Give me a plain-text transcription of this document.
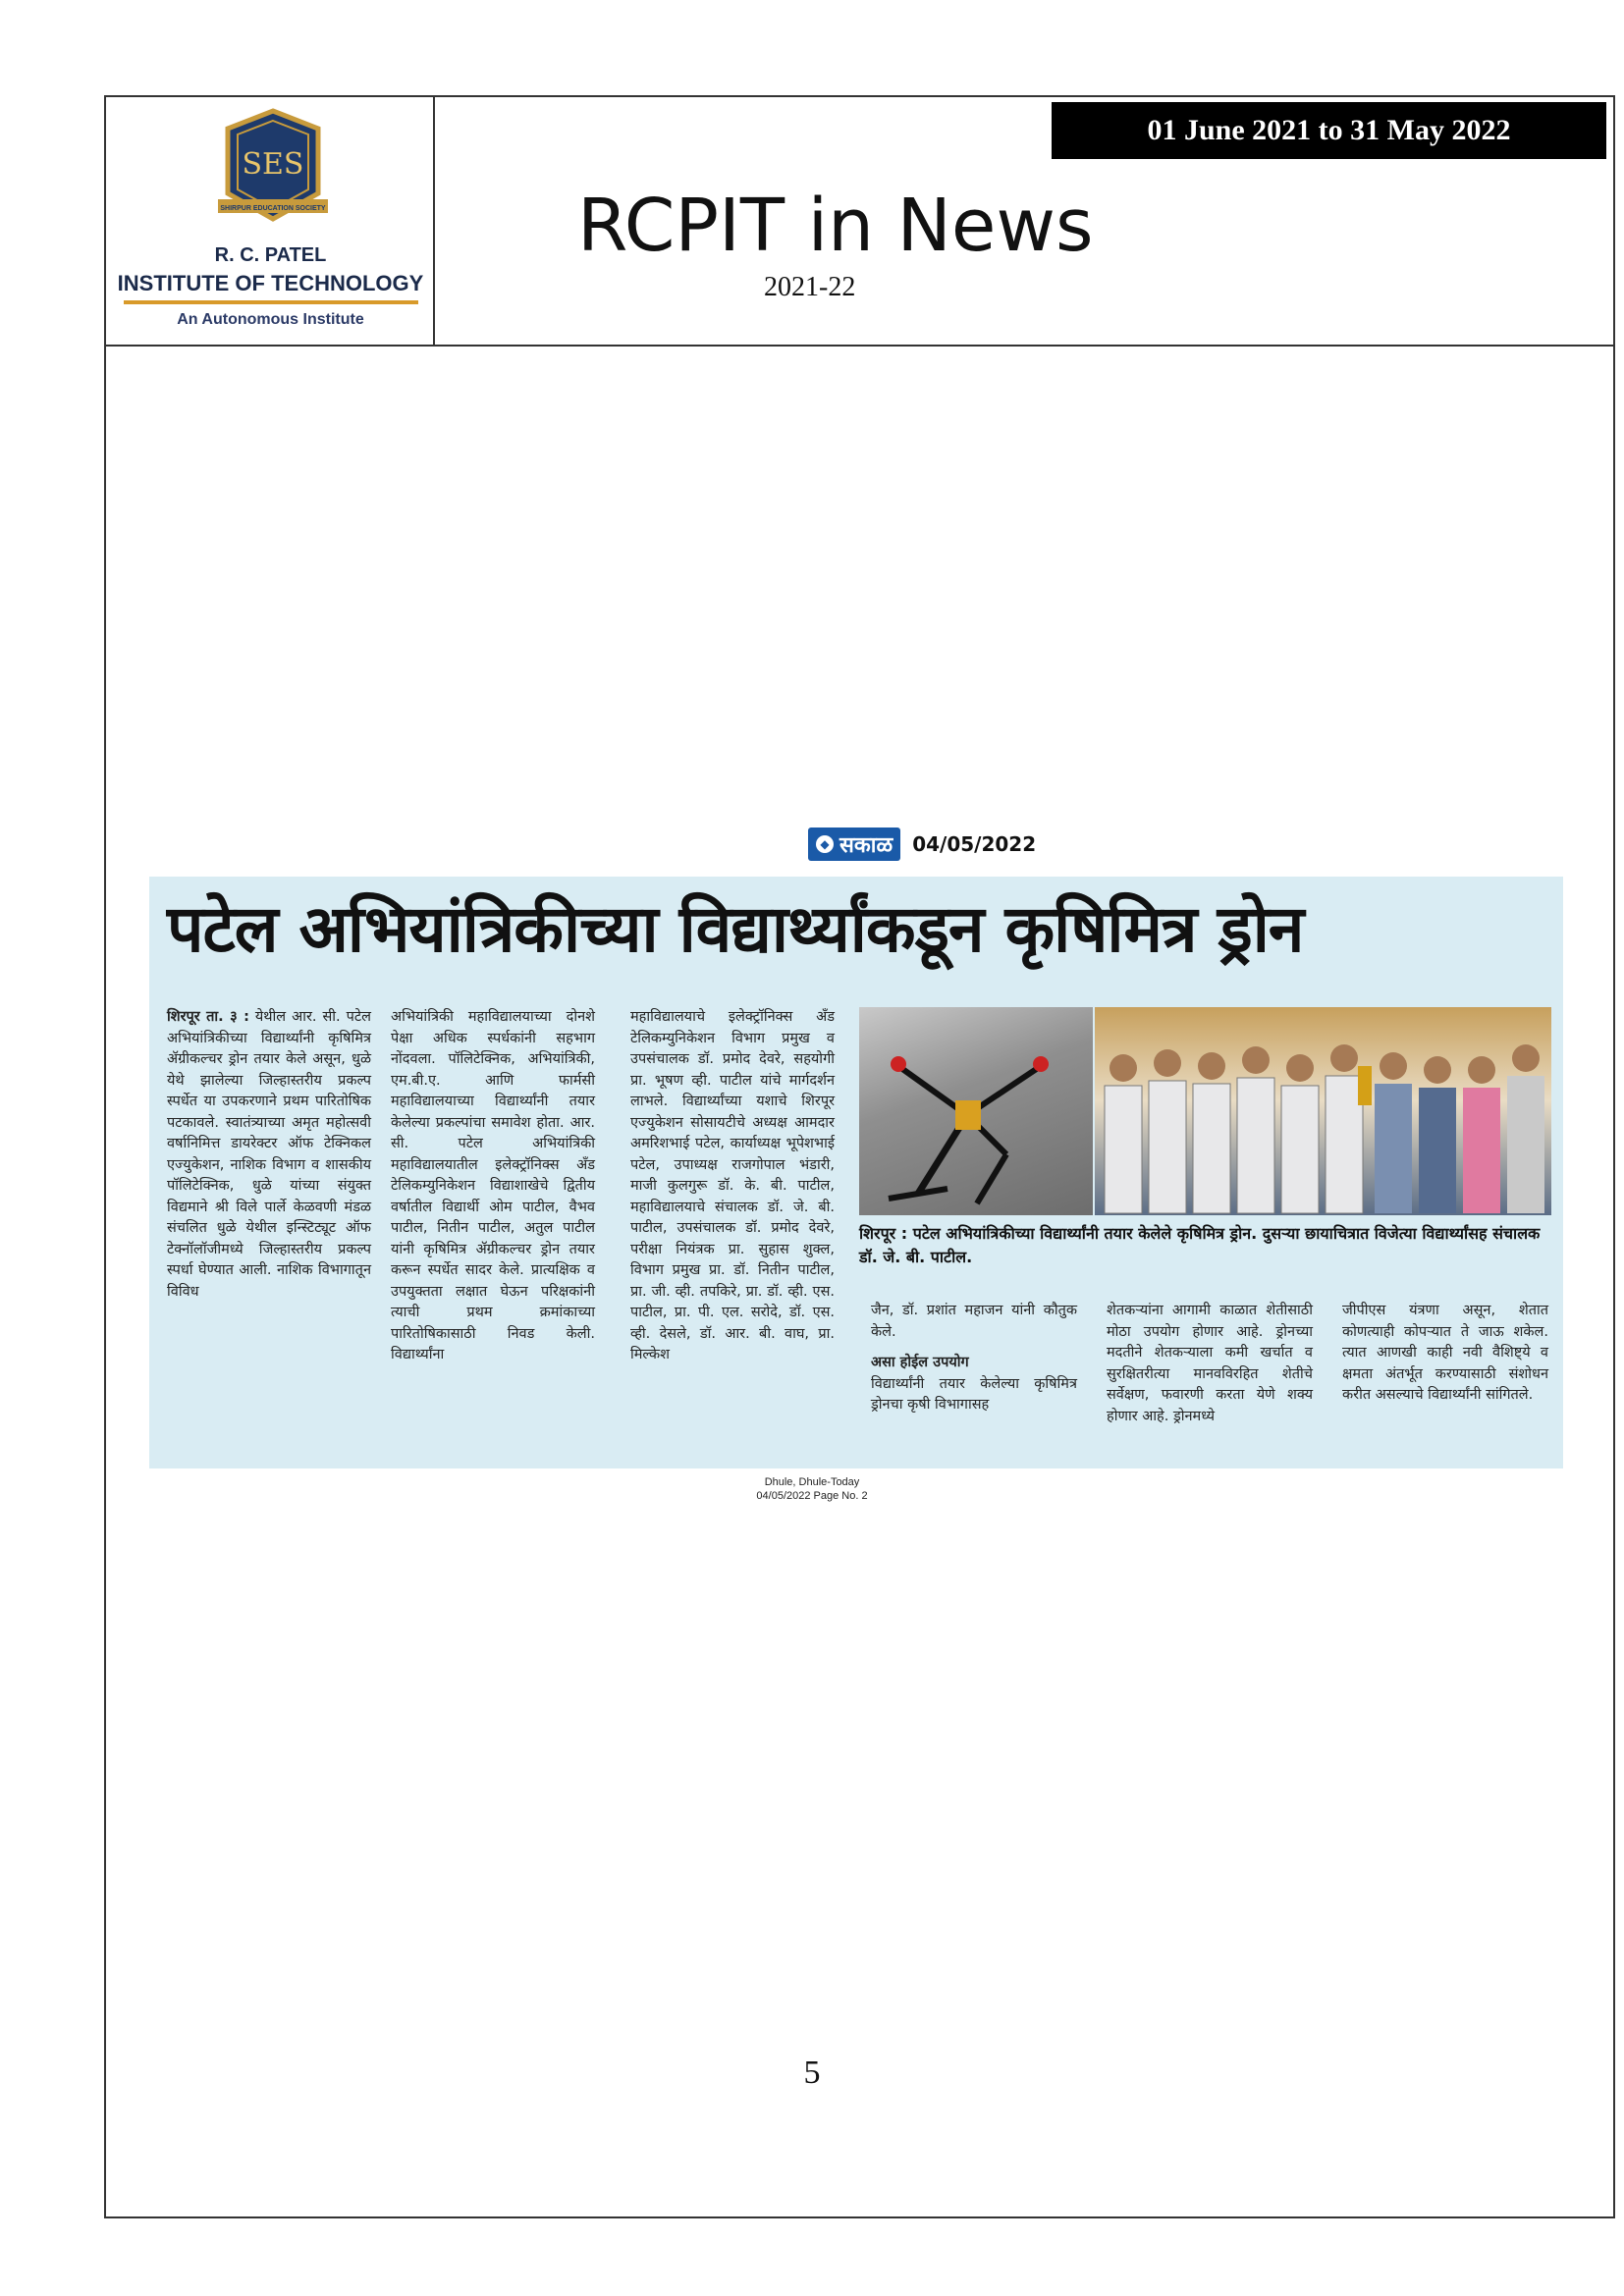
SES
SHIRPUR EDUCATION SOCIETY
R. C. PATEL
INSTITUTE OF TECHNOLOGY
An Autonomous Institute
RCPIT in News
2021-22
01 June 2021 to 31 May 2022
◆ सकाळ 04/05/2022
पटेल अभियांत्रिकीच्या विद्यार्थ्यांकडून कृषिमित्र ड्रोन
शिरपूर ता. ३ : येथील आर. सी. पटेल अभियांत्रिकीच्या विद्यार्थ्यांनी कृषिमित्र ॲग्रीकल्चर ड्रोन तयार केले असून, धुळे येथे झालेल्या जिल्हास्तरीय प्रकल्प स्पर्धेत या उपकरणाने प्रथम पारितोषिक पटकावले. स्वातंत्र्याच्या अमृत महोत्सवी वर्षानिमित्त डायरेक्टर ऑफ टेक्निकल एज्युकेशन, नाशिक विभाग व शासकीय पॉलिटेक्निक, धुळे यांच्या संयुक्त विद्यमाने श्री विले पार्ले केळवणी मंडळ संचलित धुळे येथील इन्स्टिट्यूट ऑफ टेक्नॉलॉजीमध्ये जिल्हास्तरीय प्रकल्प स्पर्धा घेण्यात आली. नाशिक विभागातून विविध
अभियांत्रिकी महाविद्यालयाच्या दोनशे पेक्षा अधिक स्पर्धकांनी सहभाग नोंदवला. पॉलिटेक्निक, अभियांत्रिकी, एम.बी.ए. आणि फार्मसी महाविद्यालयाच्या विद्यार्थ्यांनी तयार केलेल्या प्रकल्पांचा समावेश होता. आर. सी. पटेल अभियांत्रिकी महाविद्यालयातील इलेक्ट्रॉनिक्स अँड टेलिकम्युनिकेशन विद्याशाखेचे द्वितीय वर्षातील विद्यार्थी ओम पाटील, वैभव पाटील, नितीन पाटील, अतुल पाटील यांनी कृषिमित्र ॲग्रीकल्चर ड्रोन तयार करून स्पर्धेत सादर केले. प्रात्यक्षिक व उपयुक्तता लक्षात घेऊन परिक्षकांनी त्याची प्रथम क्रमांकाच्या पारितोषिकासाठी निवड केली. विद्यार्थ्यांना
महाविद्यालयाचे इलेक्ट्रॉनिक्स अँड टेलिकम्युनिकेशन विभाग प्रमुख व उपसंचालक डॉ. प्रमोद देवरे, सहयोगी प्रा. भूषण व्ही. पाटील यांचे मार्गदर्शन लाभले. विद्यार्थ्यांच्या यशाचे शिरपूर एज्युकेशन सोसायटीचे अध्यक्ष आमदार अमरिशभाई पटेल, कार्याध्यक्ष भूपेशभाई पटेल, उपाध्यक्ष राजगोपाल भंडारी, माजी कुलगुरू डॉ. के. बी. पाटील, महाविद्यालयाचे संचालक डॉ. जे. बी. पाटील, उपसंचालक डॉ. प्रमोद देवरे, परीक्षा नियंत्रक प्रा. सुहास शुक्ल, विभाग प्रमुख प्रा. डॉ. नितीन पाटील, प्रा. जी. व्ही. तपकिरे, प्रा. डॉ. व्ही. एस. पाटील, प्रा. पी. एल. सरोदे, डॉ. एस. व्ही. देसले, डॉ. आर. बी. वाघ, प्रा. मिल्केश
शिरपूर : पटेल अभियांत्रिकीच्या विद्यार्थ्यांनी तयार केलेले कृषिमित्र ड्रोन. दुसऱ्या छायाचित्रात विजेत्या विद्यार्थ्यांसह संचालक डॉ. जे. बी. पाटील.
जैन, डॉ. प्रशांत महाजन यांनी कौतुक केले.
असा होईल उपयोग
विद्यार्थ्यांनी तयार केलेल्या कृषिमित्र ड्रोनचा कृषी विभागासह
शेतकऱ्यांना आगामी काळात शेतीसाठी मोठा उपयोग होणार आहे. ड्रोनच्या मदतीने शेतकऱ्याला कमी खर्चात व सुरक्षितरीत्या मानवविरहित शेतीचे सर्वेक्षण, फवारणी करता येणे शक्य होणार आहे. ड्रोनमध्ये
जीपीएस यंत्रणा असून, शेतात कोणत्याही कोपऱ्यात ते जाऊ शकेल. त्यात आणखी काही नवी वैशिष्ट्ये व क्षमता अंतर्भूत करण्यासाठी संशोधन करीत असल्याचे विद्यार्थ्यांनी सांगितले.
Dhule, Dhule-Today
04/05/2022 Page No. 2
5
